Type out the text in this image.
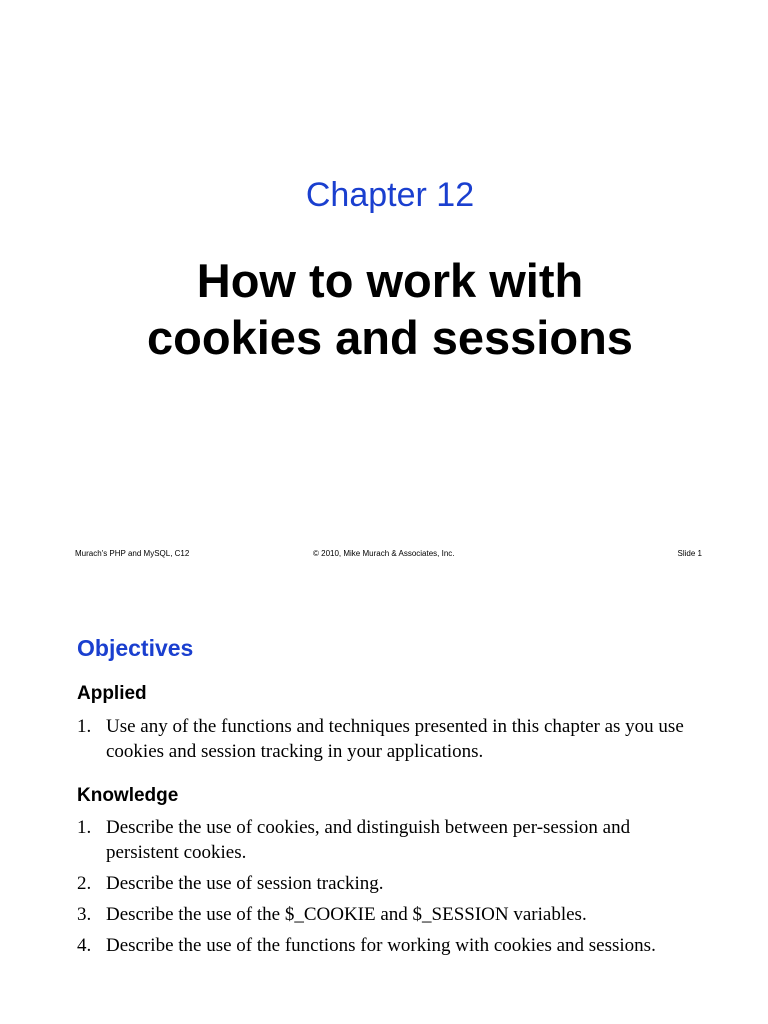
Chapter 12
How to work with
cookies and sessions
Murach's PHP and MySQL, C12	© 2010, Mike Murach & Associates, Inc.	Slide 1
Objectives
Applied
1. Use any of the functions and techniques presented in this chapter as you use cookies and session tracking in your applications.
Knowledge
1. Describe the use of cookies, and distinguish between per-session and persistent cookies.
2. Describe the use of session tracking.
3. Describe the use of the $_COOKIE and $_SESSION variables.
4. Describe the use of the functions for working with cookies and sessions.
